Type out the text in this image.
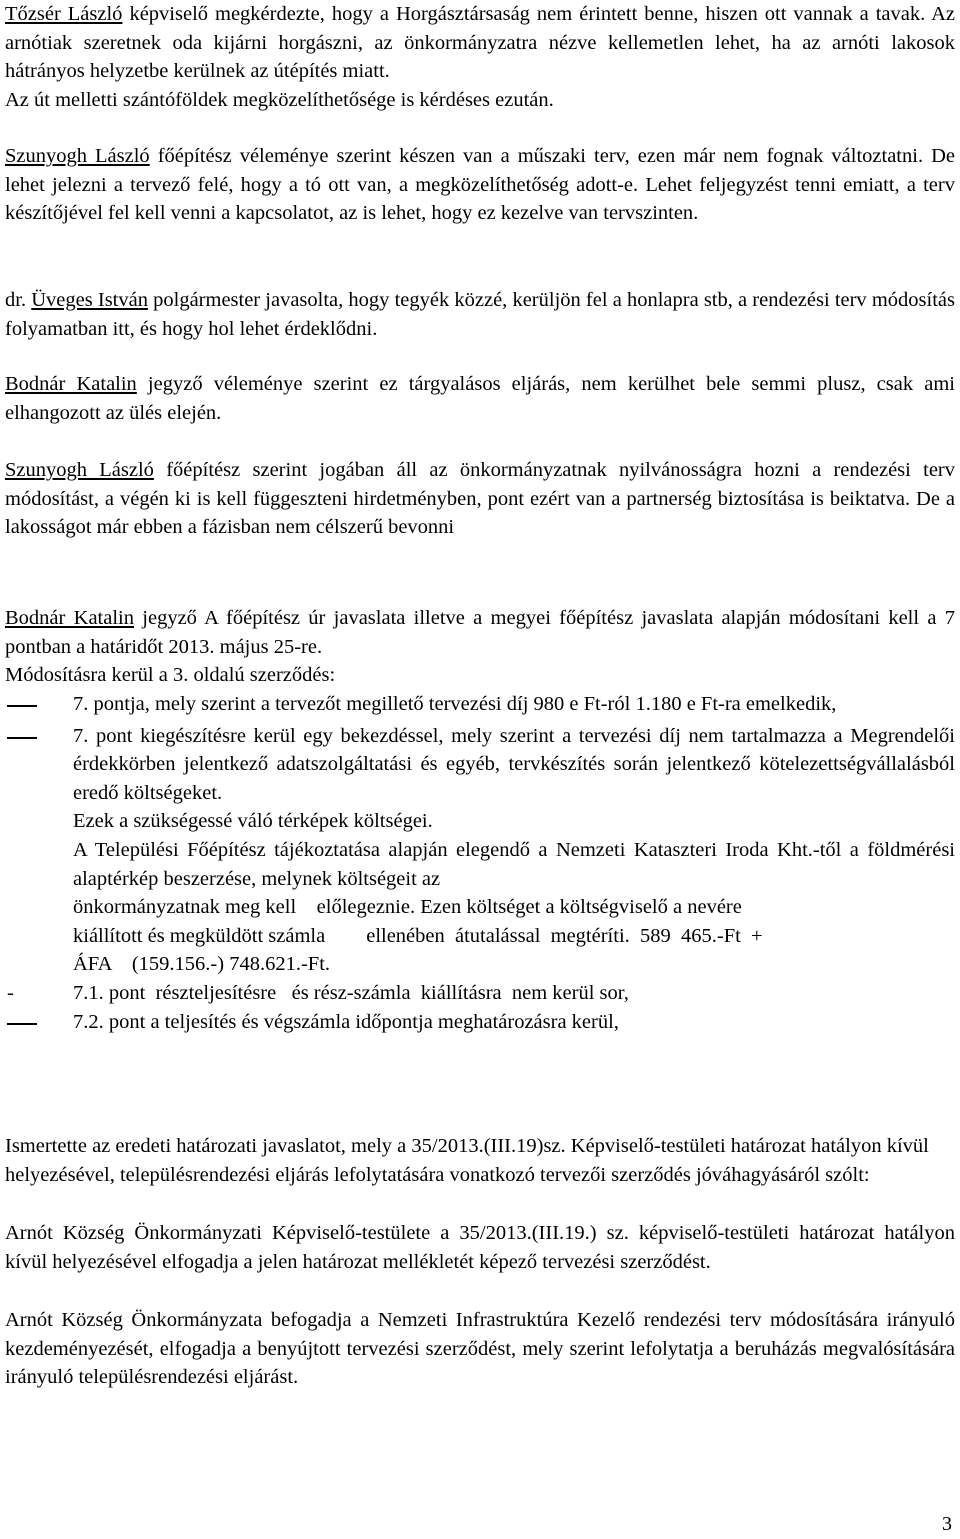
Tőzsér László képviselő megkérdezte, hogy a Horgásztársaság nem érintett benne, hiszen ott vannak a tavak. Az arnótiak szeretnek oda kijárni horgászni, az önkormányzatra nézve kellemetlen lehet, ha az arnóti lakosok hátrányos helyzetbe kerülnek az útépítés miatt.

Az út melletti szántóföldek megközelíthetősége is kérdéses ezután.

Szunyogh László főépítész véleménye szerint készen van a műszaki terv, ezen már nem fognak változtatni. De lehet jelezni a tervező felé, hogy a tó ott van, a megközelíthetőség adott-e. Lehet feljegyzést tenni emiatt, a terv készítőjével fel kell venni a kapcsolatot, az is lehet, hogy ez kezelve van tervszinten.

dr. Üveges István polgármester javasolta, hogy tegyék közzé, kerüljön fel a honlapra stb, a rendezési terv módosítás folyamatban itt, és hogy hol lehet érdeklődni.

Bodnár Katalin jegyző véleménye szerint ez tárgyalásos eljárás, nem kerülhet bele semmi plusz, csak ami elhangozott az ülés elején.

Szunyogh László főépítész szerint jogában áll az önkormányzatnak nyilvánosságra hozni a rendezési terv módosítást, a végén ki is kell függeszteni hirdetményben, pont ezért van a partnerség biztosítása is beiktatva. De a lakosságot már ebben a fázisban nem célszerű bevonni

Bodnár Katalin jegyző A főépítész úr javaslata illetve a megyei főépítész javaslata alapján módosítani kell a 7 pontban a határidőt 2013. május 25-re.

Módosításra kerül a 3. oldalú szerződés:

7. pontja, mely szerint a tervezőt megillető tervezési díj 980 e Ft-ról 1.180 e Ft-ra emelkedik,

7. pont kiegészítésre kerül egy bekezdéssel, mely szerint a tervezési díj nem tartalmazza a Megrendelői érdekkörben jelentkező adatszolgáltatási és egyéb, tervkészítés során jelentkező kötelezettségvállalásból eredő költségeket.

Ezek a szükségessé váló térképek költségei.

A Települési Főépítész tájékoztatása alapján elegendő a Nemzeti Kataszteri Iroda Kht.-től a földmérési alaptérkép beszerzése, melynek költségeit az

önkormányzatnak meg kell    előlegeznie. Ezen költséget a költségviselő a nevére

kiállított és megküldött számla        ellenében  átutalással  megtéríti.  589  465.-Ft  +

ÁFA    (159.156.-) 748.621.-Ft.

-	7.1. pont  részteljesítésre   és rész-számla  kiállításra  nem kerül sor,

7.2. pont a teljesítés és végszámla időpontja meghatározásra kerül,

Ismertette az eredeti határozati javaslatot, mely a 35/2013.(III.19)sz. Képviselő-testületi határozat hatályon kívül helyezésével, településrendezési eljárás lefolytatására vonatkozó tervezői szerződés jóváhagyásáról szólt:

Arnót Község Önkormányzati Képviselő-testülete a 35/2013.(III.19.) sz. képviselő-testületi határozat hatályon kívül helyezésével elfogadja a jelen határozat mellékletét képező tervezési szerződést.

Arnót Község Önkormányzata befogadja a Nemzeti Infrastruktúra Kezelő rendezési terv módosítására irányuló kezdeményezését, elfogadja a benyújtott tervezési szerződést, mely szerint lefolytatja a beruházás megvalósítására irányuló településrendezési eljárást.

3
